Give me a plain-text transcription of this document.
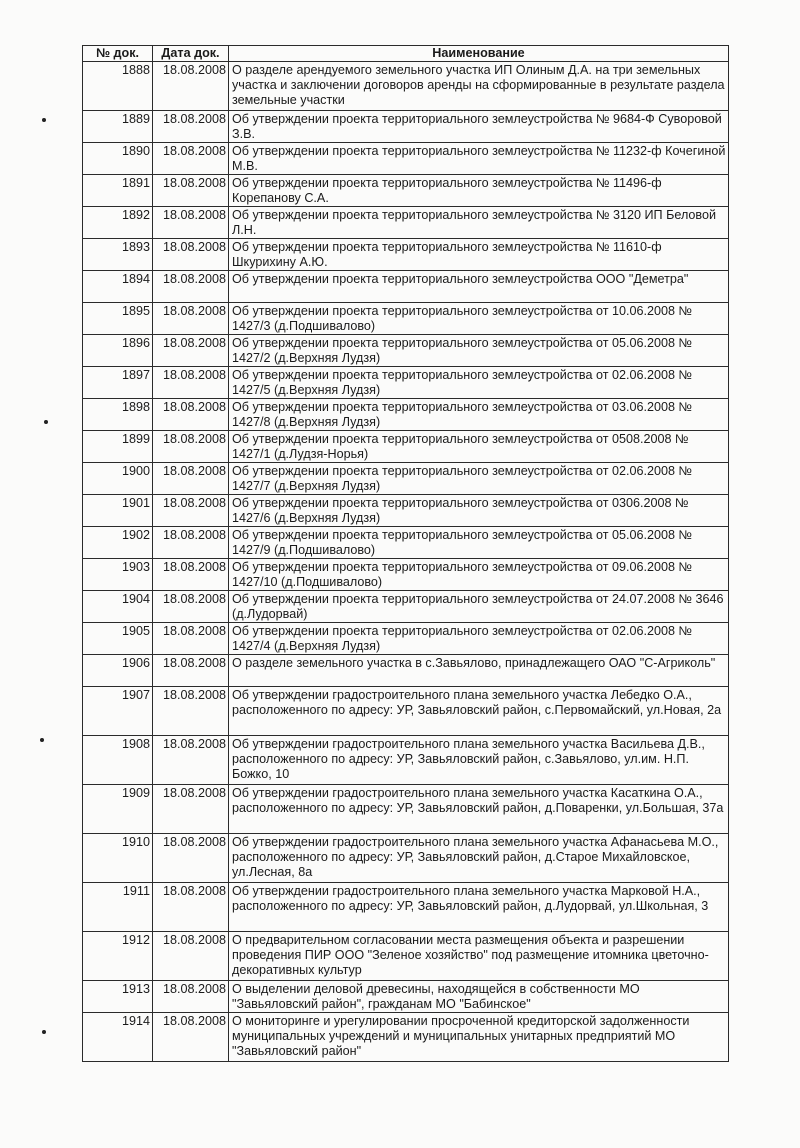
№ док.	Дата док.	Наименование
1888	18.08.2008	О разделе арендуемого земельного участка ИП Олиным Д.А. на три земельных участка и заключении договоров аренды на сформированные в результате раздела земельные участки
1889	18.08.2008	Об утверждении проекта территориального землеустройства № 9684-Ф Суворовой З.В.
1890	18.08.2008	Об утверждении проекта территориального землеустройства № 11232-ф Кочегиной М.В.
1891	18.08.2008	Об утверждении проекта территориального землеустройства № 11496-ф Корепанову С.А.
1892	18.08.2008	Об утверждении проекта территориального землеустройства № 3120 ИП Беловой Л.Н.
1893	18.08.2008	Об утверждении проекта территориального землеустройства № 11610-ф Шкурихину А.Ю.
1894	18.08.2008	Об утверждении проекта территориального землеустройства ООО "Деметра"
1895	18.08.2008	Об утверждении проекта территориального землеустройства от 10.06.2008 № 1427/3 (д.Подшивалово)
1896	18.08.2008	Об утверждении проекта территориального землеустройства от 05.06.2008 № 1427/2 (д.Верхняя Лудзя)
1897	18.08.2008	Об утверждении проекта территориального землеустройства от 02.06.2008 № 1427/5 (д.Верхняя Лудзя)
1898	18.08.2008	Об утверждении проекта территориального землеустройства от 03.06.2008 № 1427/8 (д.Верхняя Лудзя)
1899	18.08.2008	Об утверждении проекта территориального землеустройства от 0508.2008 № 1427/1 (д.Лудзя-Норья)
1900	18.08.2008	Об утверждении проекта территориального землеустройства от 02.06.2008 № 1427/7 (д.Верхняя Лудзя)
1901	18.08.2008	Об утверждении проекта территориального землеустройства от 0306.2008 № 1427/6 (д.Верхняя Лудзя)
1902	18.08.2008	Об утверждении проекта территориального землеустройства от 05.06.2008 № 1427/9 (д.Подшивалово)
1903	18.08.2008	Об утверждении проекта территориального землеустройства от 09.06.2008 № 1427/10 (д.Подшивалово)
1904	18.08.2008	Об утверждении проекта территориального землеустройства от 24.07.2008 № 3646 (д.Лудорвай)
1905	18.08.2008	Об утверждении проекта территориального землеустройства от 02.06.2008 № 1427/4 (д.Верхняя Лудзя)
1906	18.08.2008	О разделе земельного участка в с.Завьялово, принадлежащего ОАО "С-Агриколь"
1907	18.08.2008	Об утверждении градостроительного плана земельного участка Лебедко О.А., расположенного по адресу: УР, Завьяловский район, с.Первомайский, ул.Новая, 2а
1908	18.08.2008	Об утверждении градостроительного плана земельного участка Васильева Д.В., расположенного по адресу: УР, Завьяловский район, с.Завьялово, ул.им. Н.П. Божко, 10
1909	18.08.2008	Об утверждении градостроительного плана земельного участка Касаткина О.А., расположенного по адресу: УР, Завьяловский район, д.Поваренки, ул.Большая, 37а
1910	18.08.2008	Об утверждении градостроительного плана земельного участка Афанасьева М.О., расположенного по адресу: УР, Завьяловский район, д.Старое Михайловское, ул.Лесная, 8а
1911	18.08.2008	Об утверждении градостроительного плана земельного участка Марковой Н.А., расположенного по адресу: УР, Завьяловский район, д.Лудорвай, ул.Школьная, 3
1912	18.08.2008	О предварительном согласовании места размещения объекта и разрешении проведения ПИР ООО "Зеленое хозяйство" под размещение итомника цветочно-декоративных культур
1913	18.08.2008	О выделении деловой древесины, находящейся в собственности МО "Завьяловский район", гражданам МО "Бабинское"
1914	18.08.2008	О мониторинге и урегулировании просроченной кредиторской задолженности муниципальных учреждений и муниципальных унитарных предприятий МО "Завьяловский район"
